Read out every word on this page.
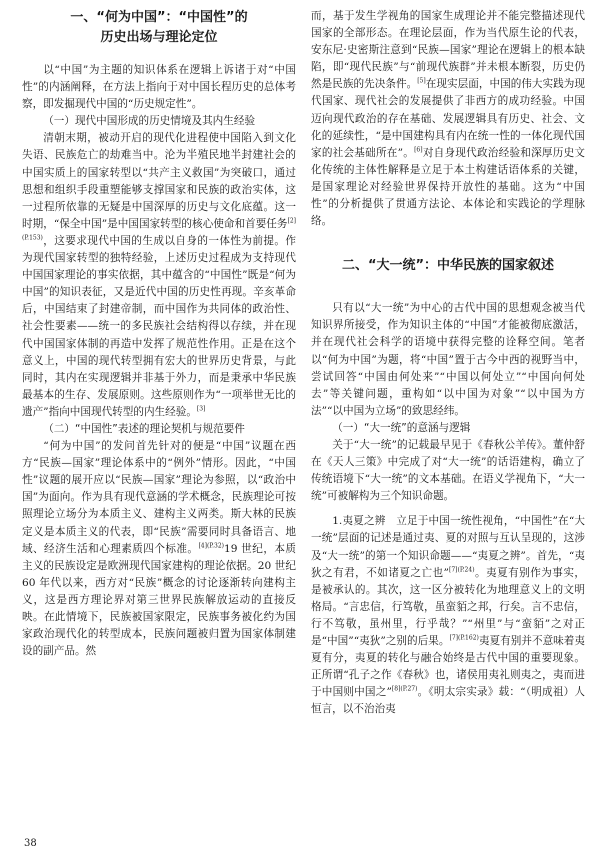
一、“何为中国”：“中国性”的

历史出场与理论定位

以“中国”为主题的知识体系在逻辑上诉诸于对“中国性”的内涵阐释，在方法上指向于对中国长程历史的总体考察，即发掘现代中国的“历史规定性”。

（一）现代中国形成的历史情境及其内生经验

清朝末期，被动开启的现代化进程使中国陷入到文化失语、民族危亡的劫难当中。沦为半殖民地半封建社会的中国实质上的国家转型以“共产主义救国”为突破口，通过思想和组织手段重塑能够支撑国家和民族的政治实体，这一过程所依靠的无疑是中国深厚的历史与文化底蕴。这一时期，“保全中国”是中国国家转型的核心使命和首要任务$^{[2](P.153)}$，这要求现代中国的生成以自身的一体性为前提。作为现代国家转型的独特经验，上述历史过程成为支持现代中国国家理论的事实依据，其中蕴含的“中国性”既是“何为中国”的知识表征，又是近代中国的历史性再现。辛亥革命后，中国结束了封建帝制，而中国作为共同体的政治性、社会性要素——统一的多民族社会结构得以存续，并在现代中国国家体制的再造中发挥了规范性作用。正是在这个意义上，中国的现代转型拥有宏大的世界历史背景，与此同时，其内在实现逻辑并非基于外力，而是秉承中华民族最基本的生存、发展原则。这些原则作为“一项举世无比的遗产”指向中国现代转型的内生经验。[3]

（二）“中国性”表述的理论契机与规范要件

“何为中国”的发问首先针对的便是“中国”议题在西方“民族—国家”理论体系中的“例外”情形。因此，“中国性”议题的展开应以“民族—国家”理论为参照，以“政治中国”为面向。作为具有现代意涵的学术概念，民族理论可按照理论立场分为本质主义、建构主义两类。斯大林的民族定义是本质主义的代表，即“民族”需要同时具备语言、地域、经济生活和心理素质四个标准。$^{[4](P.32)}$19 世纪，本质主义的民族设定是欧洲现代国家建构的理论依据。20 世纪 60 年代以来，西方对“民族”概念的讨论逐渐转向建构主义，这是西方理论界对第三世界民族解放运动的直接反映。在此情境下，民族被国家限定，民族事务被化约为国家政治现代化的转型成本，民族问题被归置为国家体制建设的副产品。然

而，基于发生学视角的国家生成理论并不能完整描述现代国家的全部形态。在理论层面，作为当代原生论的代表，安东尼·史密斯注意到“民族—国家”理论在逻辑上的根本缺陷，即“现代民族”与“前现代族群”并未根本断裂，历史仍然是民族的先决条件。[5]在现实层面，中国的伟大实践为现代国家、现代社会的发展提供了非西方的成功经验。中国迈向现代政治的存在基础、发展逻辑具有历史、社会、文化的延续性，“是中国建构具有内在统一性的一体化现代国家的社会基础所在”。[6]对自身现代政治经验和深厚历史文化传统的主体性解释是立足于本土构建话语体系的关键，是国家理论对经验世界保持开放性的基础。这为“中国性”的分析提供了贯通方法论、本体论和实践论的学理脉络。

二、“大一统”：中华民族的国家叙述

只有以“大一统”为中心的古代中国的思想观念被当代知识界所接受，作为知识主体的“中国”才能被彻底激活，并在现代社会科学的语境中获得完整的诠释空间。笔者以“何为中国”为题，将“中国”置于古今中西的视野当中，尝试回答“中国由何处来”“中国以何处立”“中国向何处去”等关键问题，重构如“以中国为对象”“以中国为方法”“以中国为立场”的致思经纬。

（一）“大一统”的意涵与逻辑

关于“大一统”的记载最早见于《春秋公羊传》。董仲舒在《天人三策》中完成了对“大一统”的话语建构，确立了传统语境下“大一统”的文本基础。在语义学视角下，“大一统”可被解构为三个知识命题。

1.夷夏之辨　立足于中国一统性视角，“中国性”在“大一统”层面的记述是通过夷、夏的对照与互认呈现的，这涉及“大一统”的第一个知识命题——“夷夏之辨”。首先，“夷狄之有君，不如诸夏之亡也”$^{[7](P.24)}$。夷夏有别作为事实，是被承认的。其次，这一区分被转化为地理意义上的文明格局。“言忠信，行笃敬，虽蛮貊之邦，行矣。言不忠信，行不笃敬，虽州里，行乎哉？”“州里”与“蛮貊”之对正是“中国”“夷狄”之别的后果。$^{[7](P.162)}$夷夏有别并不意味着夷夏有分，夷夏的转化与融合始终是古代中国的重要现象。正所谓“孔子之作《春秋》也，诸侯用夷礼则夷之，夷而进于中国则中国之”$^{[8](P.27)}$。《明太宗实录》载：“（明成祖）人恒言，以不治治夷

38
